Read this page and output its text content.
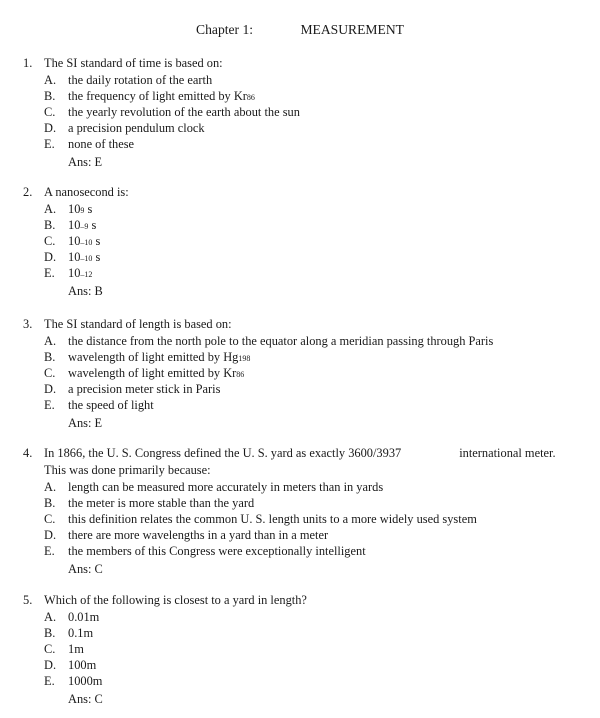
Chapter 1:	MEASUREMENT
1. The SI standard of time is based on:
A. the daily rotation of the earth
B. the frequency of light emitted by Kr86
C. the yearly revolution of the earth about the sun
D. a precision pendulum clock
E. none of these
Ans: E
2. A nanosecond is:
A. 109 s
B. 10–9 s
C. 10–10 s
D. 10–10 s
E. 10–12
Ans: B
3. The SI standard of length is based on:
A. the distance from the north pole to the equator along a meridian passing through Paris
B. wavelength of light emitted by Hg198
C. wavelength of light emitted by Kr86
D. a precision meter stick in Paris
E. the speed of light
Ans: E
4. In 1866, the U. S. Congress defined the U. S. yard as exactly 3600/3937	international meter.
This was done primarily because:
A. length can be measured more accurately in meters than in yards
B. the meter is more stable than the yard
C. this definition relates the common U. S. length units to a more widely used system
D. there are more wavelengths in a yard than in a meter
E. the members of this Congress were exceptionally intelligent
Ans: C
5. Which of the following is closest to a yard in length?
A. 0.01m
B. 0.1m
C. 1m
D. 100m
E. 1000m
Ans: C
